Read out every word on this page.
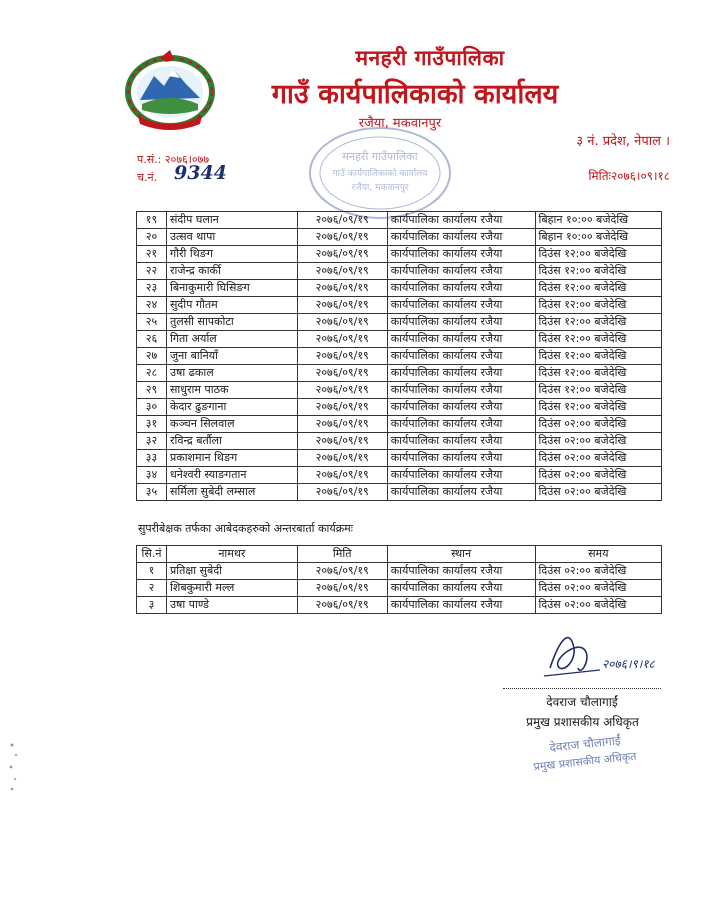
मनहरी गाउँपालिका
गाउँ कार्यपालिकाको कार्यालय
रजैया, मकवानपुर
३ नं. प्रदेश, नेपाल ।
प.सं.: २०७६।०७७
च.नं. 9344	मितिः२०७६।०९।१८
मनहरी गाउँपालिका
गाउँ कार्यपालिकाको कार्यालय
रजैया, मकवानपुर
१९	संदीप घलान	२०७६/०९/१९	कार्यपालिका कार्यालय रजैया	बिहान १०:०० बजेदेखि
२०	उत्सव थापा	२०७६/०९/१९	कार्यपालिका कार्यालय रजैया	बिहान १०:०० बजेदेखि
२१	गौरी थिङग	२०७६/०९/१९	कार्यपालिका कार्यालय रजैया	दिउंस १२:०० बजेदेखि
२२	राजेन्द्र कार्की	२०७६/०९/१९	कार्यपालिका कार्यालय रजैया	दिउंस १२:०० बजेदेखि
२३	बिनाकुमारी घिसिङग	२०७६/०९/१९	कार्यपालिका कार्यालय रजैया	दिउंस १२:०० बजेदेखि
२४	सुदीप गौतम	२०७६/०९/१९	कार्यपालिका कार्यालय रजैया	दिउंस १२:०० बजेदेखि
२५	तुलसी सापकोटा	२०७६/०९/१९	कार्यपालिका कार्यालय रजैया	दिउंस १२:०० बजेदेखि
२६	गिता अर्याल	२०७६/०९/१९	कार्यपालिका कार्यालय रजैया	दिउंस १२:०० बजेदेखि
२७	जुना बानियाँ	२०७६/०९/१९	कार्यपालिका कार्यालय रजैया	दिउंस १२:०० बजेदेखि
२८	उषा ढकाल	२०७६/०९/१९	कार्यपालिका कार्यालय रजैया	दिउंस १२:०० बजेदेखि
२९	साधुराम पाठक	२०७६/०९/१९	कार्यपालिका कार्यालय रजैया	दिउंस १२:०० बजेदेखि
३०	केदार ढुङगाना	२०७६/०९/१९	कार्यपालिका कार्यालय रजैया	दिउंस १२:०० बजेदेखि
३१	कञ्चन सिलवाल	२०७६/०९/१९	कार्यपालिका कार्यालय रजैया	दिउंस ०२:०० बजेदेखि
३२	रविन्द्र बर्तौला	२०७६/०९/१९	कार्यपालिका कार्यालय रजैया	दिउंस ०२:०० बजेदेखि
३३	प्रकाशमान थिङग	२०७६/०९/१९	कार्यपालिका कार्यालय रजैया	दिउंस ०२:०० बजेदेखि
३४	धनेश्वरी स्याङगतान	२०७६/०९/१९	कार्यपालिका कार्यालय रजैया	दिउंस ०२:०० बजेदेखि
३५	सर्मिला सुबेदी लम्साल	२०७६/०९/१९	कार्यपालिका कार्यालय रजैया	दिउंस ०२:०० बजेदेखि
सुपरीबेक्षक तर्फका आबेदकहरुको अन्तरबार्ता कार्यक्रमः
सि.नं	नामथर	मिति	स्थान	समय
१	प्रतिक्षा सुबेदी	२०७६/०९/१९	कार्यपालिका कार्यालय रजैया	दिउंस ०२:०० बजेदेखि
२	शिबकुमारी मल्ल	२०७६/०९/१९	कार्यपालिका कार्यालय रजैया	दिउंस ०२:०० बजेदेखि
३	उषा पाण्डे	२०७६/०९/१९	कार्यपालिका कार्यालय रजैया	दिउंस ०२:०० बजेदेखि
२०७६।९।१८
देवराज चौलागाईं
प्रमुख प्रशासकीय अधिकृत
देवराज चौलागाईं
प्रमुख प्रशासकीय अधिकृत
